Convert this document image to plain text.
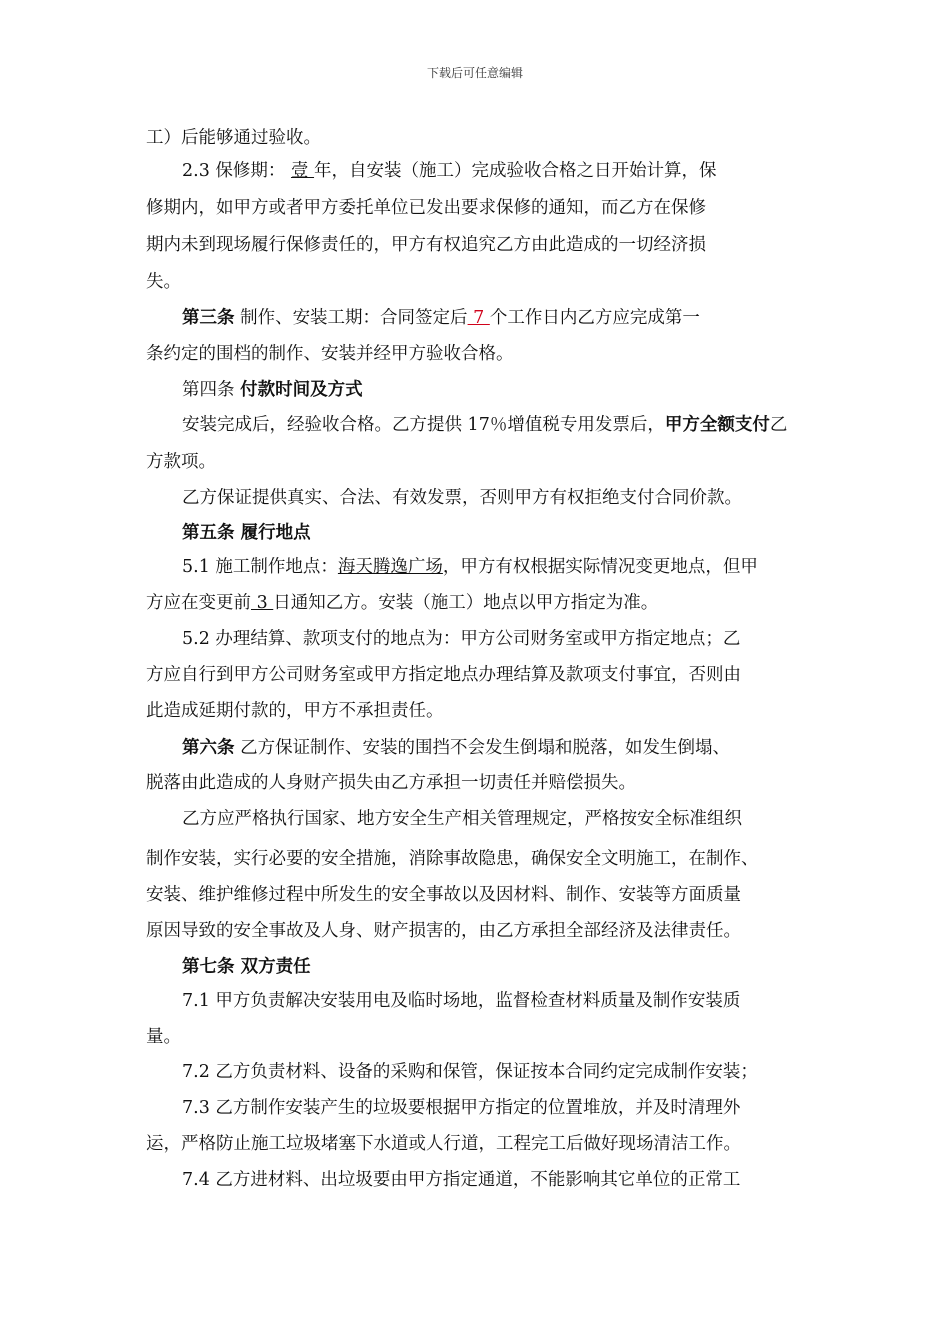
下载后可任意编辑
工）后能够通过验收。
2.3 保修期： 壹 年，自安装（施工）完成验收合格之日开始计算，保
修期内，如甲方或者甲方委托单位已发出要求保修的通知，而乙方在保修
期内未到现场履行保修责任的，甲方有权追究乙方由此造成的一切经济损
失。
第三条 制作、安装工期：合同签定后 7 个工作日内乙方应完成第一
条约定的围档的制作、安装并经甲方验收合格。
第四条 付款时间及方式
安装完成后，经验收合格。乙方提供 17％增值税专用发票后，甲方全额支付乙
方款项。
乙方保证提供真实、合法、有效发票，否则甲方有权拒绝支付合同价款。
第五条 履行地点
5.1 施工制作地点：海天腾逸广场，甲方有权根据实际情况变更地点，但甲
方应在变更前 3 日通知乙方。安装（施工）地点以甲方指定为准。
5.2 办理结算、款项支付的地点为：甲方公司财务室或甲方指定地点；乙
方应自行到甲方公司财务室或甲方指定地点办理结算及款项支付事宜，否则由
此造成延期付款的，甲方不承担责任。
第六条 乙方保证制作、安装的围挡不会发生倒塌和脱落，如发生倒塌、
脱落由此造成的人身财产损失由乙方承担一切责任并赔偿损失。
乙方应严格执行国家、地方安全生产相关管理规定，严格按安全标准组织
制作安装，实行必要的安全措施，消除事故隐患，确保安全文明施工，在制作、
安装、维护维修过程中所发生的安全事故以及因材料、制作、安装等方面质量
原因导致的安全事故及人身、财产损害的，由乙方承担全部经济及法律责任。
第七条 双方责任
7.1 甲方负责解决安装用电及临时场地，监督检查材料质量及制作安装质
量。
7.2 乙方负责材料、设备的采购和保管，保证按本合同约定完成制作安装；
7.3 乙方制作安装产生的垃圾要根据甲方指定的位置堆放，并及时清理外
运，严格防止施工垃圾堵塞下水道或人行道，工程完工后做好现场清洁工作。
7.4 乙方进材料、出垃圾要由甲方指定通道，不能影响其它单位的正常工
